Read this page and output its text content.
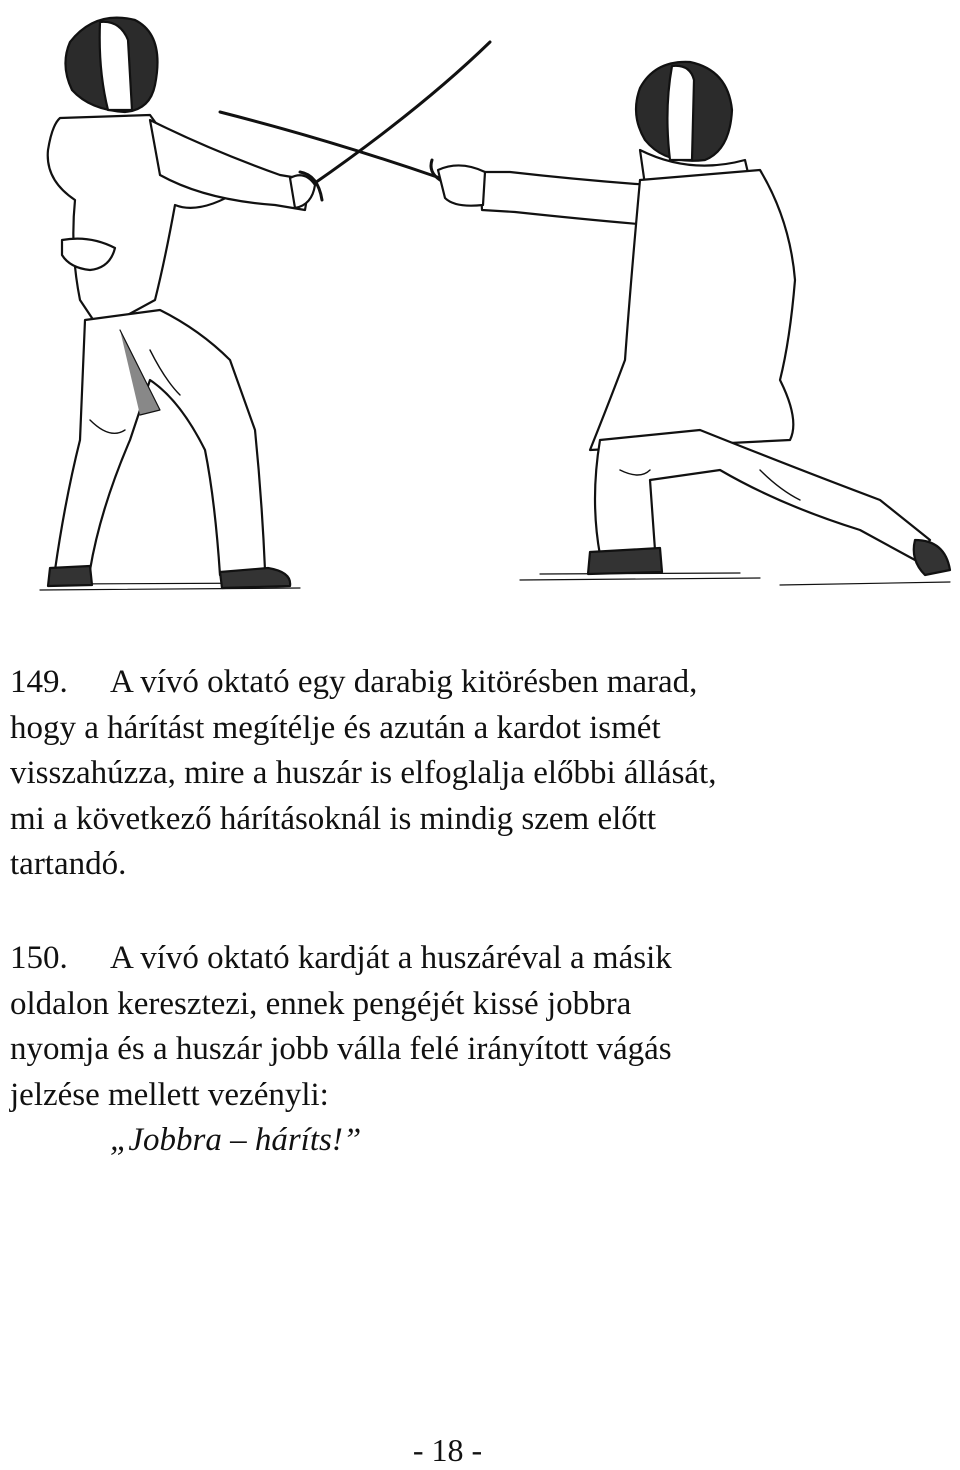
149. A vívó oktató egy darabig kitörésben marad,
hogy a hárítást megítélje és azután a kardot ismét
visszahúzza, mire a huszár is elfoglalja előbbi állását,
mi a következő hárításoknál is mindig szem előtt
tartandó.
150. A vívó oktató kardját a huszáréval a másik
oldalon keresztezi, ennek pengéjét kissé jobbra
nyomja és a huszár jobb válla felé irányított vágás
jelzése mellett vezényli:
„Jobbra – háríts!”
- 18 -
